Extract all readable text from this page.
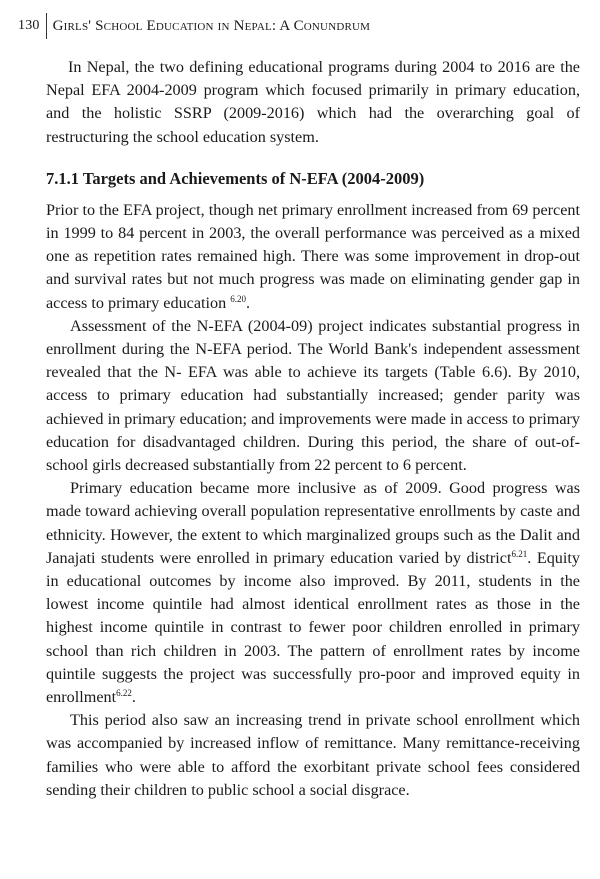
130 Girls' School Education in Nepal: A Conundrum

In Nepal, the two defining educational programs during 2004 to 2016 are the Nepal EFA 2004-2009 program which focused primarily in primary education, and the holistic SSRP (2009-2016) which had the overarching goal of restructuring the school education system.

7.1.1 Targets and Achievements of N-EFA (2004-2009)

Prior to the EFA project, though net primary enrollment increased from 69 percent in 1999 to 84 percent in 2003, the overall performance was perceived as a mixed one as repetition rates remained high. There was some improvement in drop-out and survival rates but not much progress was made on eliminating gender gap in access to primary education $^{6.20}$.

Assessment of the N-EFA (2004-09) project indicates substantial progress in enrollment during the N-EFA period. The World Bank's independent assessment revealed that the N- EFA was able to achieve its targets (Table 6.6). By 2010, access to primary education had substantially increased; gender parity was achieved in primary education; and improvements were made in access to primary education for disadvantaged children. During this period, the share of out-of- school girls decreased substantially from 22 percent to 6 percent.

Primary education became more inclusive as of 2009. Good progress was made toward achieving overall population representative enrollments by caste and ethnicity. However, the extent to which marginalized groups such as the Dalit and Janajati students were enrolled in primary education varied by district$^{6.21}$. Equity in educational outcomes by income also improved. By 2011, students in the lowest income quintile had almost identical enrollment rates as those in the highest income quintile in contrast to fewer poor children enrolled in primary school than rich children in 2003. The pattern of enrollment rates by income quintile suggests the project was successfully pro-poor and improved equity in enrollment$^{6.22}$.

This period also saw an increasing trend in private school enrollment which was accompanied by increased inflow of remittance. Many remittance-receiving families who were able to afford the exorbitant private school fees considered sending their children to public school a social disgrace.
